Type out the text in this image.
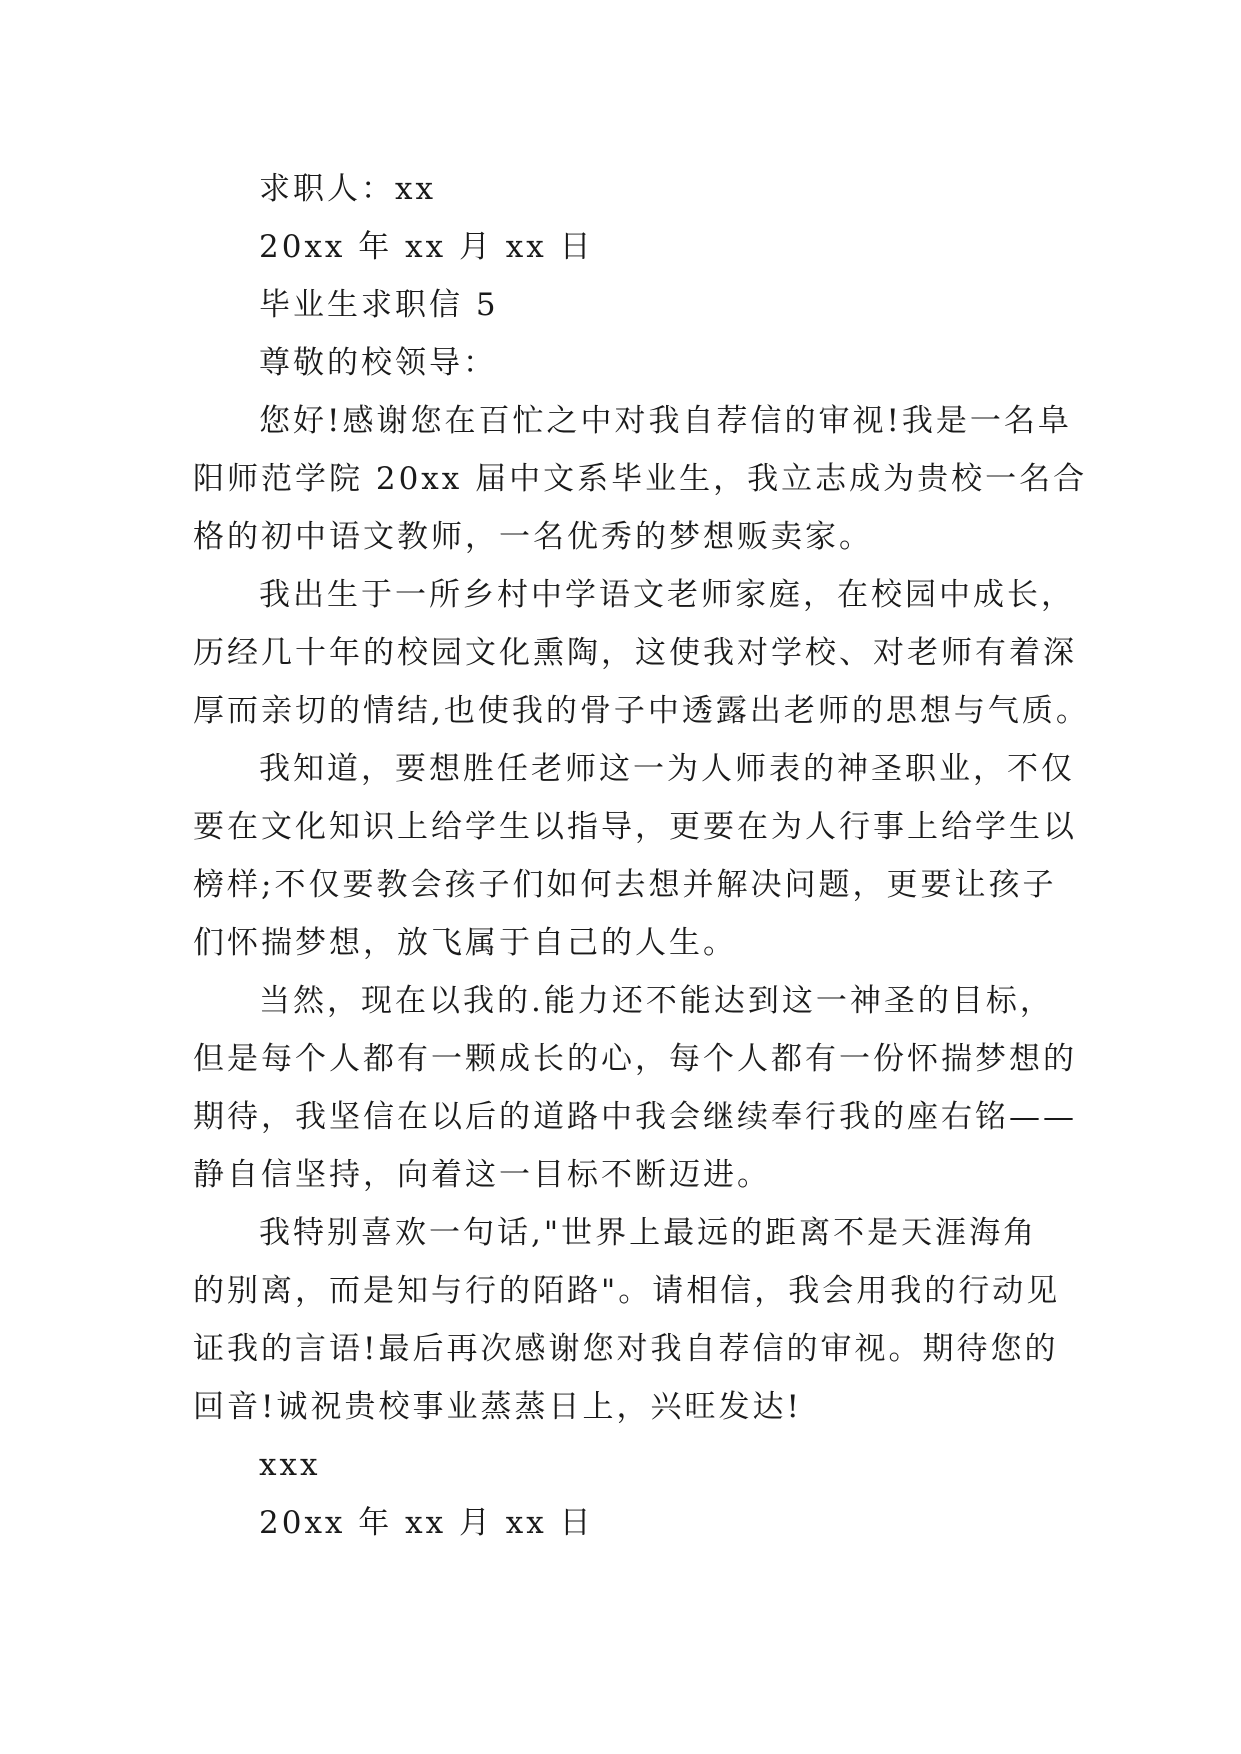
求职人：xx
20xx 年 xx 月 xx 日
毕业生求职信 5
尊敬的校领导：
您好!感谢您在百忙之中对我自荐信的审视!我是一名阜
阳师范学院 20xx 届中文系毕业生，我立志成为贵校一名合
格的初中语文教师，一名优秀的梦想贩卖家。
我出生于一所乡村中学语文老师家庭，在校园中成长，
历经几十年的校园文化熏陶，这使我对学校、对老师有着深
厚而亲切的情结,也使我的骨子中透露出老师的思想与气质。
我知道，要想胜任老师这一为人师表的神圣职业，不仅
要在文化知识上给学生以指导，更要在为人行事上给学生以
榜样;不仅要教会孩子们如何去想并解决问题，更要让孩子
们怀揣梦想，放飞属于自己的人生。
当然，现在以我的.能力还不能达到这一神圣的目标，
但是每个人都有一颗成长的心，每个人都有一份怀揣梦想的
期待，我坚信在以后的道路中我会继续奉行我的座右铭——
静自信坚持，向着这一目标不断迈进。
我特别喜欢一句话,"世界上最远的距离不是天涯海角
的别离，而是知与行的陌路"。请相信，我会用我的行动见
证我的言语!最后再次感谢您对我自荐信的审视。期待您的
回音!诚祝贵校事业蒸蒸日上，兴旺发达!
xxx
20xx 年 xx 月 xx 日
